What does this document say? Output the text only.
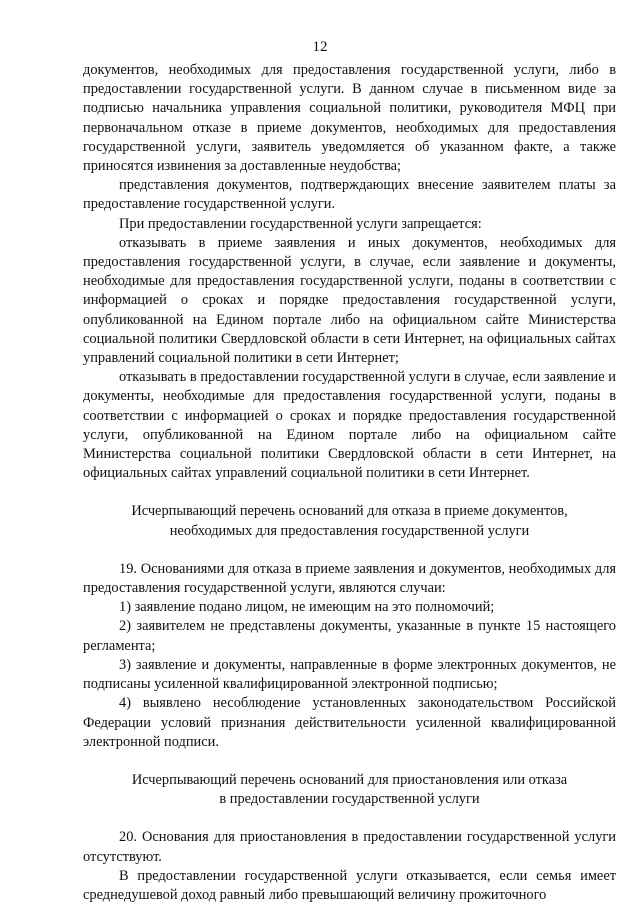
12

документов, необходимых для предоставления государственной услуги, либо в предоставлении государственной услуги. В данном случае в письменном виде за подписью начальника управления социальной политики, руководителя МФЦ при первоначальном отказе в приеме документов, необходимых для предоставления государственной услуги, заявитель уведомляется об указанном факте, а также приносятся извинения за доставленные неудобства;

представления документов, подтверждающих внесение заявителем платы за предоставление государственной услуги.

При предоставлении государственной услуги запрещается:

отказывать в приеме заявления и иных документов, необходимых для предоставления государственной услуги, в случае, если заявление и документы, необходимые для предоставления государственной услуги, поданы в соответствии с информацией о сроках и порядке предоставления государственной услуги, опубликованной на Едином портале либо на официальном сайте Министерства социальной политики Свердловской области в сети Интернет, на официальных сайтах управлений социальной политики в сети Интернет;

отказывать в предоставлении государственной услуги в случае, если заявление и документы, необходимые для предоставления государственной услуги, поданы в соответствии с информацией о сроках и порядке предоставления государственной услуги, опубликованной на Едином портале либо на официальном сайте Министерства социальной политики Свердловской области в сети Интернет, на официальных сайтах управлений социальной политики в сети Интернет.

Исчерпывающий перечень оснований для отказа в приеме документов,
необходимых для предоставления государственной услуги

19. Основаниями для отказа в приеме заявления и документов, необходимых для предоставления государственной услуги, являются случаи:

1) заявление подано лицом, не имеющим на это полномочий;

2) заявителем не представлены документы, указанные в пункте 15 настоящего регламента;

3) заявление и документы, направленные в форме электронных документов, не подписаны усиленной квалифицированной электронной подписью;

4) выявлено несоблюдение установленных законодательством Российской Федерации условий признания действительности усиленной квалифицированной электронной подписи.

Исчерпывающий перечень оснований для приостановления или отказа
в предоставлении государственной услуги

20. Основания для приостановления в предоставлении государственной услуги отсутствуют.

В предоставлении государственной услуги отказывается, если семья имеет среднедушевой доход равный либо превышающий величину прожиточного
